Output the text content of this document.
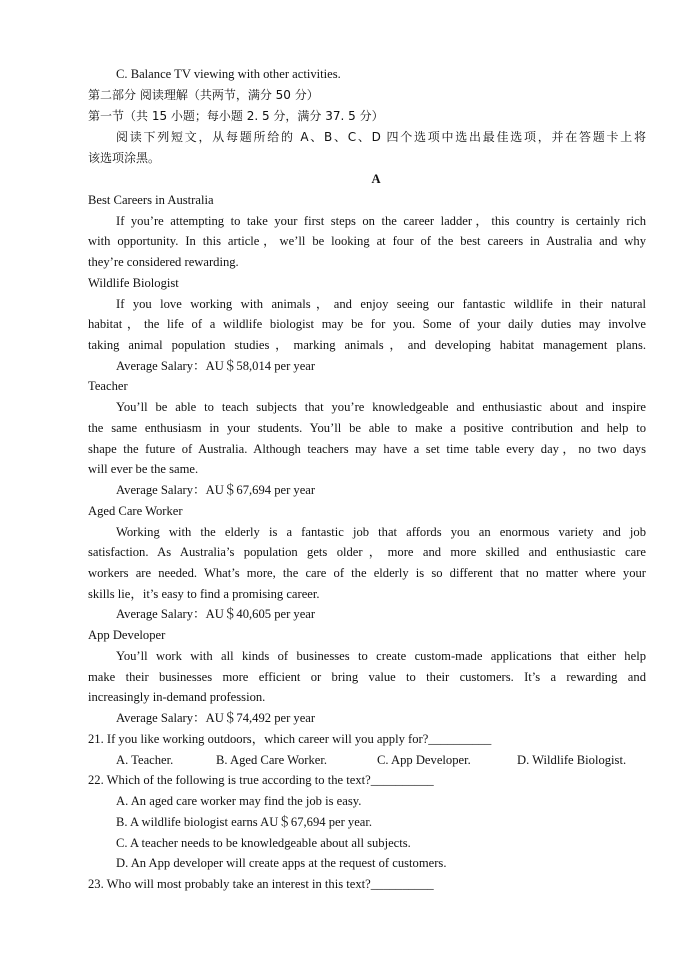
C. Balance TV viewing with other activities.
第二部分 阅读理解（共两节，满分 50 分）
第一节（共 15 小题；每小题 2. 5 分，满分 37. 5 分）
阅读下列短文，从每题所给的 A、B、C、D 四个选项中选出最佳选项，并在答题卡上将
该选项涂黑。
A
Best Careers in Australia
If you’re attempting to take your first steps on the career ladder，this country is certainly rich
with opportunity. In this article，we’ll be looking at four of the best careers in Australia and why
they’re considered rewarding.
Wildlife Biologist
If you love working with animals，and enjoy seeing our fantastic wildlife in their natural
habitat，the life of a wildlife biologist may be for you. Some of your daily duties may involve
taking animal population studies，marking animals，and developing habitat management plans.
Average Salary：AU＄58,014 per year
Teacher
You’ll be able to teach subjects that you’re knowledgeable and enthusiastic about and inspire
the same enthusiasm in your students. You’ll be able to make a positive contribution and help to
shape the future of Australia. Although teachers may have a set time table every day，no two days
will ever be the same.
Average Salary：AU＄67,694 per year
Aged Care Worker
Working with the elderly is a fantastic job that affords you an enormous variety and job
satisfaction. As Australia’s population gets older，more and more skilled and enthusiastic care
workers are needed. What’s more, the care of the elderly is so different that no matter where your
skills lie，it’s easy to find a promising career.
Average Salary：AU＄40,605 per year
App Developer
You’ll work with all kinds of businesses to create custom-made applications that either help
make their businesses more efficient or bring value to their customers. It’s a rewarding and
increasingly in-demand profession.
Average Salary：AU＄74,492 per year
21. If you like working outdoors，which career will you apply for?__________
A. Teacher.	B. Aged Care Worker.	C. App Developer.	D. Wildlife Biologist.
22. Which of the following is true according to the text?__________
A. An aged care worker may find the job is easy.
B. A wildlife biologist earns AU＄67,694 per year.
C. A teacher needs to be knowledgeable about all subjects.
D. An App developer will create apps at the request of customers.
23. Who will most probably take an interest in this text?__________
